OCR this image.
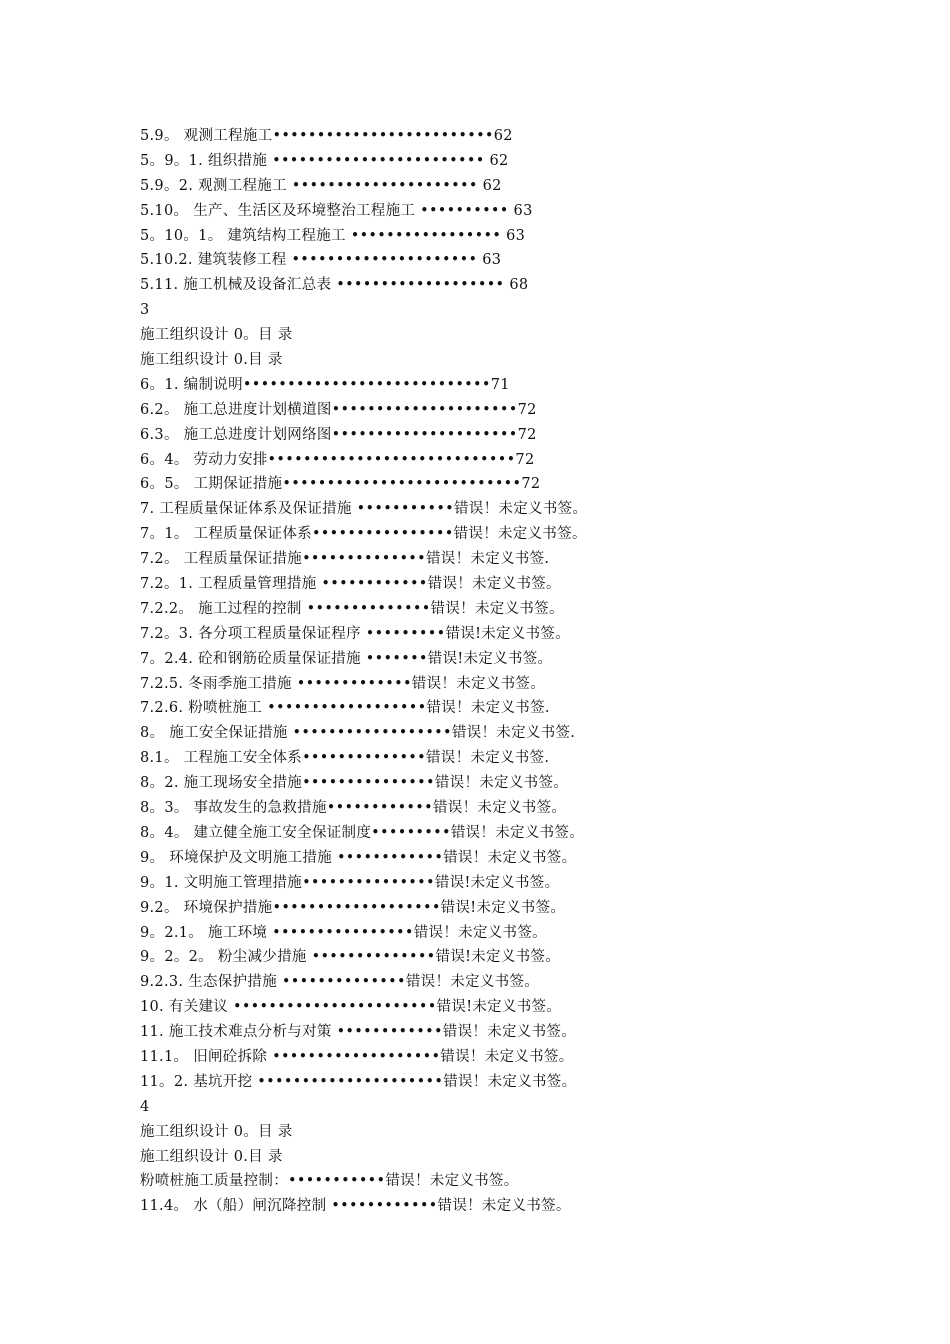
5.9。 观测工程施工•••••••••••••••••••••••••62
5。9。1. 组织措施 •••••••••••••••••••••••• 62
5.9。2. 观测工程施工 ••••••••••••••••••••• 62
5.10。 生产、生活区及环境整治工程施工 •••••••••• 63
5。10。1。 建筑结构工程施工 ••••••••••••••••• 63
5.10.2. 建筑装修工程 ••••••••••••••••••••• 63
5.11. 施工机械及设备汇总表 ••••••••••••••••••• 68
3
施工组织设计 0。目 录
施工组织设计 0.目 录
6。1. 编制说明••••••••••••••••••••••••••••71
6.2。 施工总进度计划横道图•••••••••••••••••••••72
6.3。 施工总进度计划网络图•••••••••••••••••••••72
6。4。 劳动力安排••••••••••••••••••••••••••••72
6。5。 工期保证措施•••••••••••••••••••••••••••72
7. 工程质量保证体系及保证措施 •••••••••••错误！未定义书签。
7。1。 工程质量保证体系••••••••••••••••错误！未定义书签。
7.2。 工程质量保证措施••••••••••••••错误！未定义书签.
7.2。1. 工程质量管理措施 ••••••••••••错误！未定义书签。
7.2.2。 施工过程的控制 ••••••••••••••错误！未定义书签。
7.2。3. 各分项工程质量保证程序 •••••••••错误!未定义书签。
7。2.4. 砼和钢筋砼质量保证措施 •••••••错误!未定义书签。
7.2.5. 冬雨季施工措施 •••••••••••••错误！未定义书签。
7.2.6. 粉喷桩施工 ••••••••••••••••••错误！未定义书签.
8。 施工安全保证措施 ••••••••••••••••••错误！未定义书签.
8.1。 工程施工安全体系••••••••••••••错误！未定义书签.
8。2. 施工现场安全措施•••••••••••••••错误！未定义书签。
8。3。 事故发生的急救措施••••••••••••错误！未定义书签。
8。4。 建立健全施工安全保证制度•••••••••错误！未定义书签。
9。 环境保护及文明施工措施 ••••••••••••错误！未定义书签。
9。1. 文明施工管理措施•••••••••••••••错误!未定义书签。
9.2。 环境保护措施•••••••••••••••••••错误!未定义书签。
9。2.1。 施工环境 ••••••••••••••••错误！未定义书签。
9。2。2。 粉尘减少措施 ••••••••••••••错误!未定义书签。
9.2.3. 生态保护措施 ••••••••••••••错误！未定义书签。
10. 有关建议 •••••••••••••••••••••••错误!未定义书签。
11. 施工技术难点分析与对策 ••••••••••••错误！未定义书签。
11.1。 旧闸砼拆除 •••••••••••••••••••错误！未定义书签。
11。2. 基坑开挖 •••••••••••••••••••••错误！未定义书签。
4
施工组织设计 0。目 录
施工组织设计 0.目 录
粉喷桩施工质量控制：•••••••••••错误！未定义书签。
11.4。 水（船）闸沉降控制 ••••••••••••错误！未定义书签。
